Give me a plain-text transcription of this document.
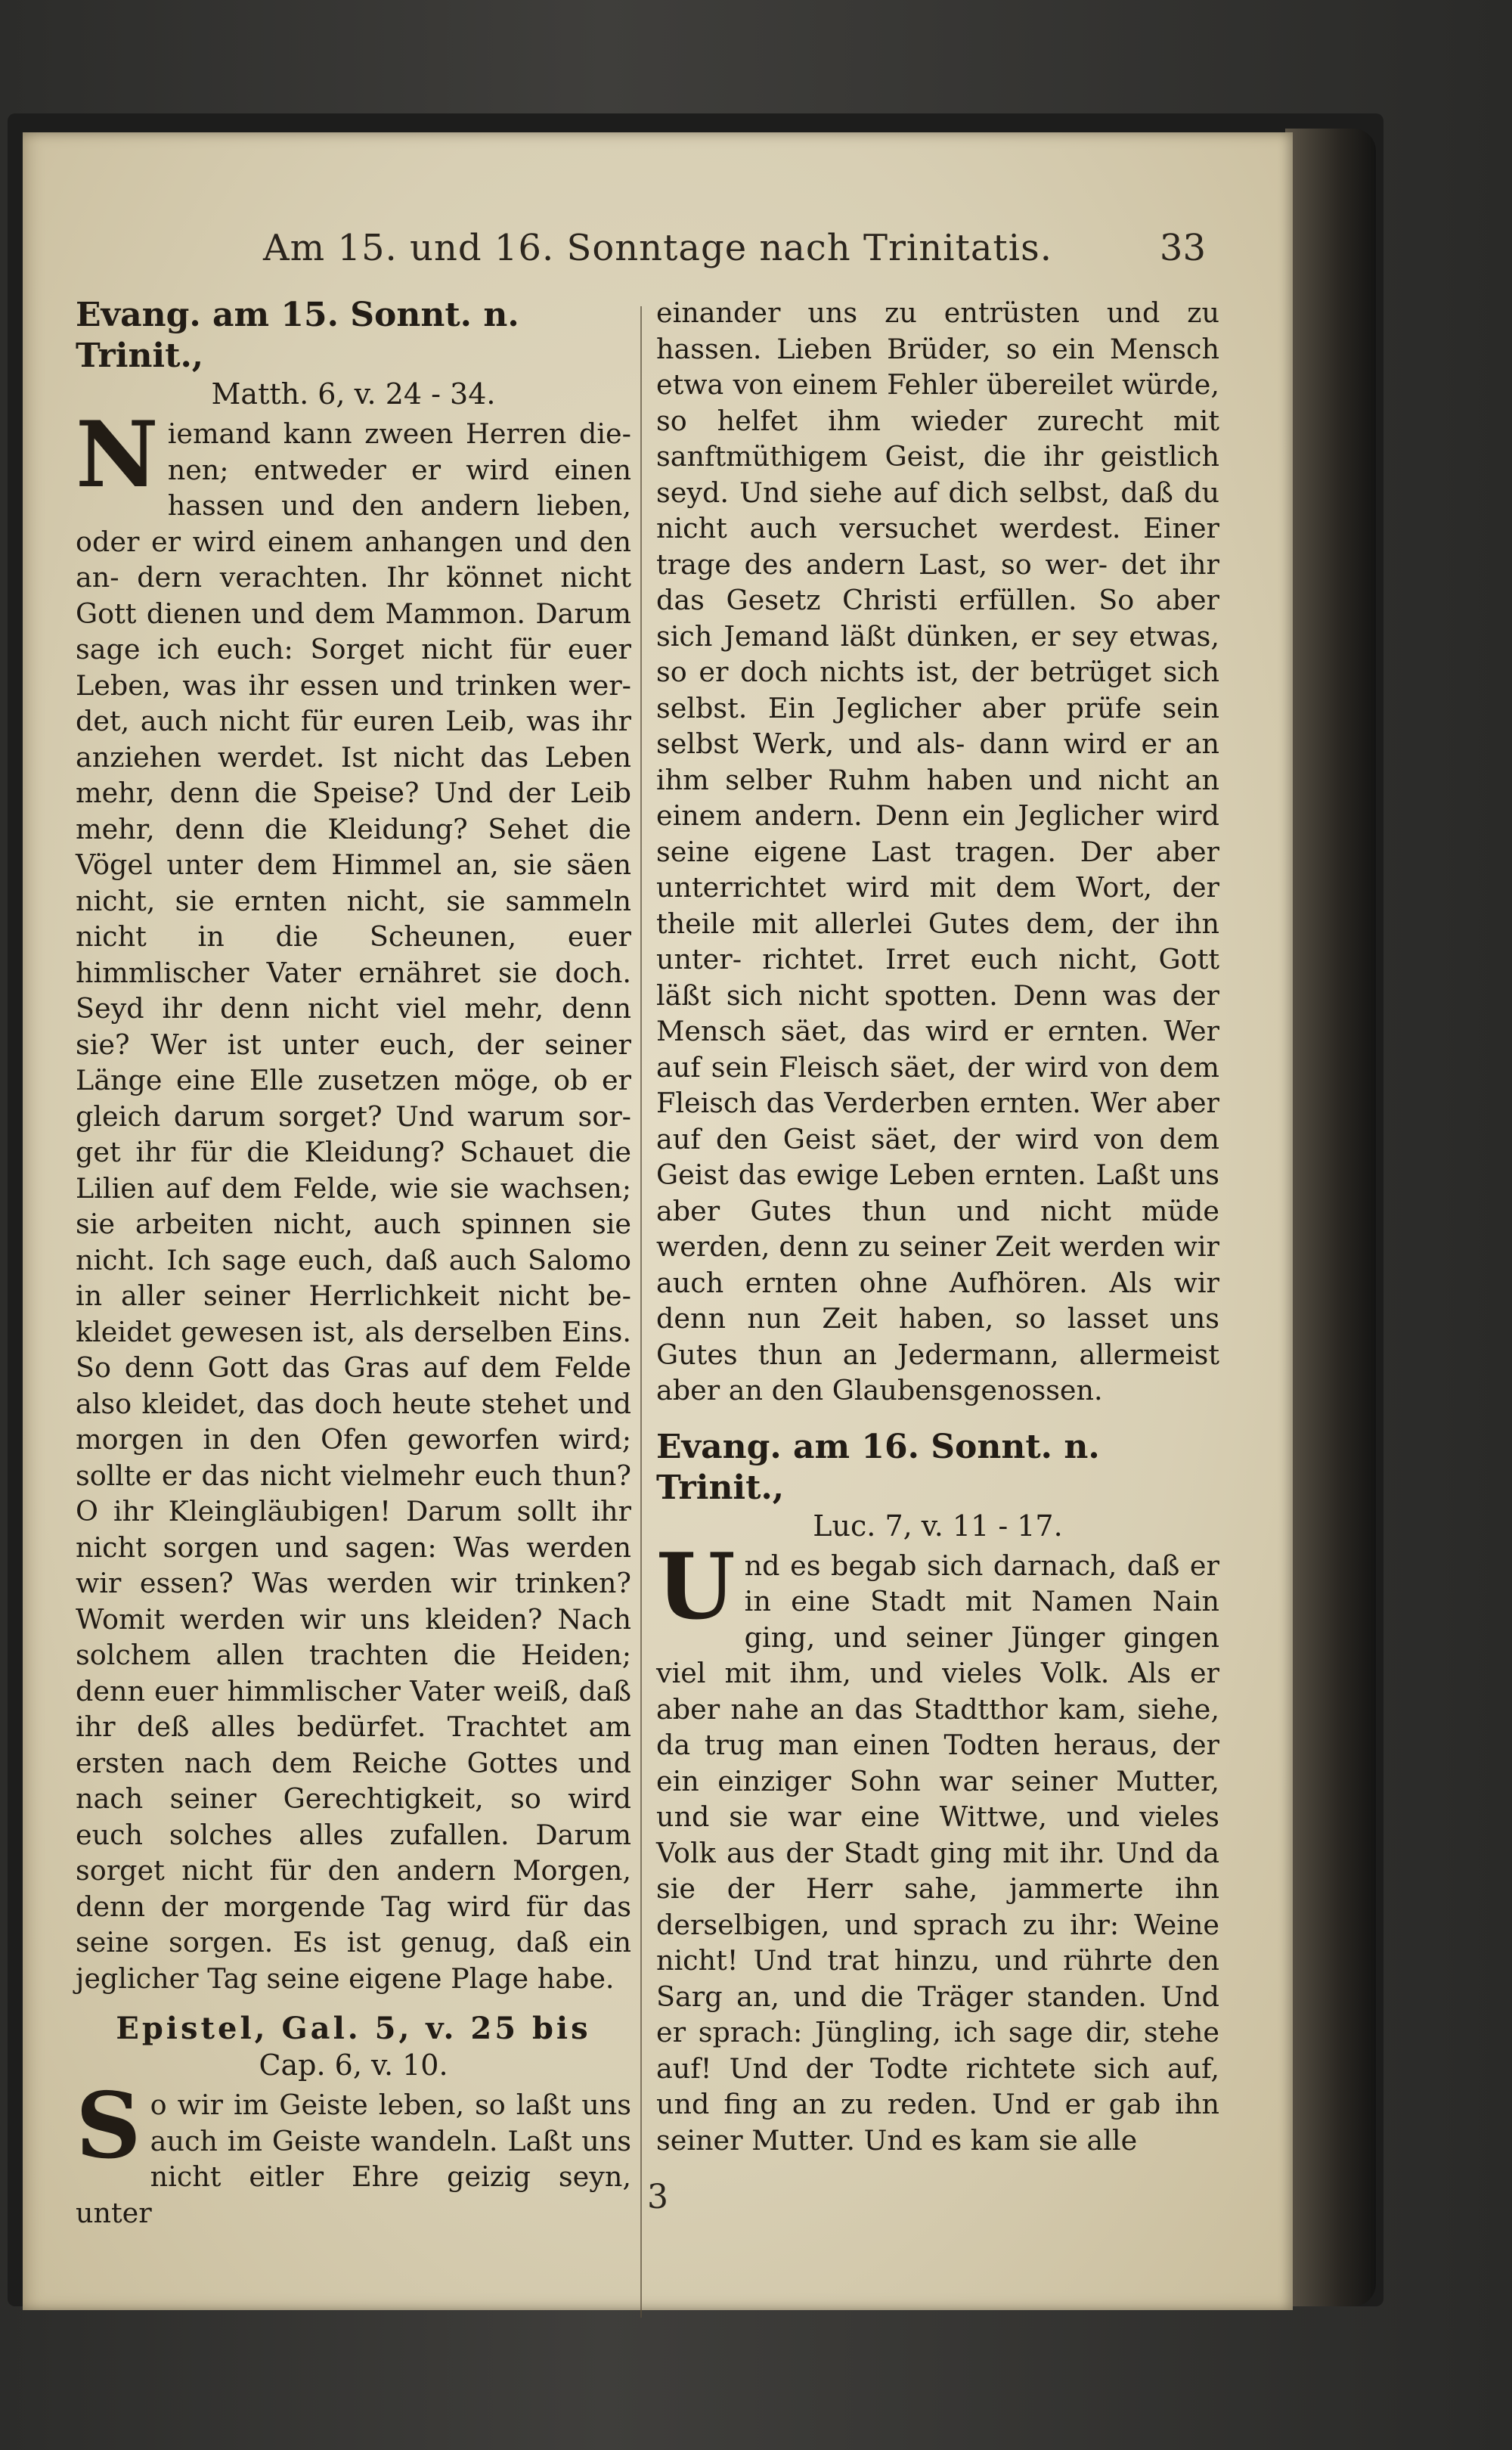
Am 15. und 16. Sonntage nach Trinitatis.	33
Evang. am 15. Sonnt. n. Trinit.,
Matth. 6, v. 24 - 34.

Niemand kann zween Herren die- nen; entweder er wird einen hassen und den andern lieben, oder er wird einem anhangen und den an- dern verachten. Ihr könnet nicht Gott dienen und dem Mammon. Darum sage ich euch: Sorget nicht für euer Leben, was ihr essen und trinken wer- det, auch nicht für euren Leib, was ihr anziehen werdet. Ist nicht das Leben mehr, denn die Speise? Und der Leib mehr, denn die Kleidung? Sehet die Vögel unter dem Himmel an, sie säen nicht, sie ernten nicht, sie sammeln nicht in die Scheunen, euer himmlischer Vater ernähret sie doch. Seyd ihr denn nicht viel mehr, denn sie? Wer ist unter euch, der seiner Länge eine Elle zusetzen möge, ob er gleich darum sorget? Und warum sor- get ihr für die Kleidung? Schauet die Lilien auf dem Felde, wie sie wachsen; sie arbeiten nicht, auch spinnen sie nicht. Ich sage euch, daß auch Salomo in aller seiner Herrlichkeit nicht be- kleidet gewesen ist, als derselben Eins. So denn Gott das Gras auf dem Felde also kleidet, das doch heute stehet und morgen in den Ofen geworfen wird; sollte er das nicht vielmehr euch thun? O ihr Kleingläubigen! Darum sollt ihr nicht sorgen und sagen: Was werden wir essen? Was werden wir trinken? Womit werden wir uns kleiden? Nach solchem allen trachten die Heiden; denn euer himmlischer Vater weiß, daß ihr deß alles bedürfet. Trachtet am ersten nach dem Reiche Gottes und nach seiner Gerechtigkeit, so wird euch solches alles zufallen. Darum sorget nicht für den andern Morgen, denn der morgende Tag wird für das seine sorgen. Es ist genug, daß ein jeglicher Tag seine eigene Plage habe.

Epistel, Gal. 5, v. 25 bis
Cap. 6, v. 10.

So wir im Geiste leben, so laßt uns auch im Geiste wandeln. Laßt uns nicht eitler Ehre geizig seyn, unter

einander uns zu entrüsten und zu hassen. Lieben Brüder, so ein Mensch etwa von einem Fehler übereilet würde, so helfet ihm wieder zurecht mit sanftmüthigem Geist, die ihr geistlich seyd. Und siehe auf dich selbst, daß du nicht auch versuchet werdest. Einer trage des andern Last, so wer- det ihr das Gesetz Christi erfüllen. So aber sich Jemand läßt dünken, er sey etwas, so er doch nichts ist, der betrüget sich selbst. Ein Jeglicher aber prüfe sein selbst Werk, und als- dann wird er an ihm selber Ruhm haben und nicht an einem andern. Denn ein Jeglicher wird seine eigene Last tragen. Der aber unterrichtet wird mit dem Wort, der theile mit allerlei Gutes dem, der ihn unter- richtet. Irret euch nicht, Gott läßt sich nicht spotten. Denn was der Mensch säet, das wird er ernten. Wer auf sein Fleisch säet, der wird von dem Fleisch das Verderben ernten. Wer aber auf den Geist säet, der wird von dem Geist das ewige Leben ernten. Laßt uns aber Gutes thun und nicht müde werden, denn zu seiner Zeit werden wir auch ernten ohne Aufhören. Als wir denn nun Zeit haben, so lasset uns Gutes thun an Jedermann, allermeist aber an den Glaubensgenossen.

Evang. am 16. Sonnt. n. Trinit.,
Luc. 7, v. 11 - 17.

Und es begab sich darnach, daß er in eine Stadt mit Namen Nain ging, und seiner Jünger gingen viel mit ihm, und vieles Volk. Als er aber nahe an das Stadtthor kam, siehe, da trug man einen Todten heraus, der ein einziger Sohn war seiner Mutter, und sie war eine Wittwe, und vieles Volk aus der Stadt ging mit ihr. Und da sie der Herr sahe, jammerte ihn derselbigen, und sprach zu ihr: Weine nicht! Und trat hinzu, und rührte den Sarg an, und die Träger standen. Und er sprach: Jüngling, ich sage dir, stehe auf! Und der Todte richtete sich auf, und fing an zu reden. Und er gab ihn seiner Mutter. Und es kam sie alle

3
